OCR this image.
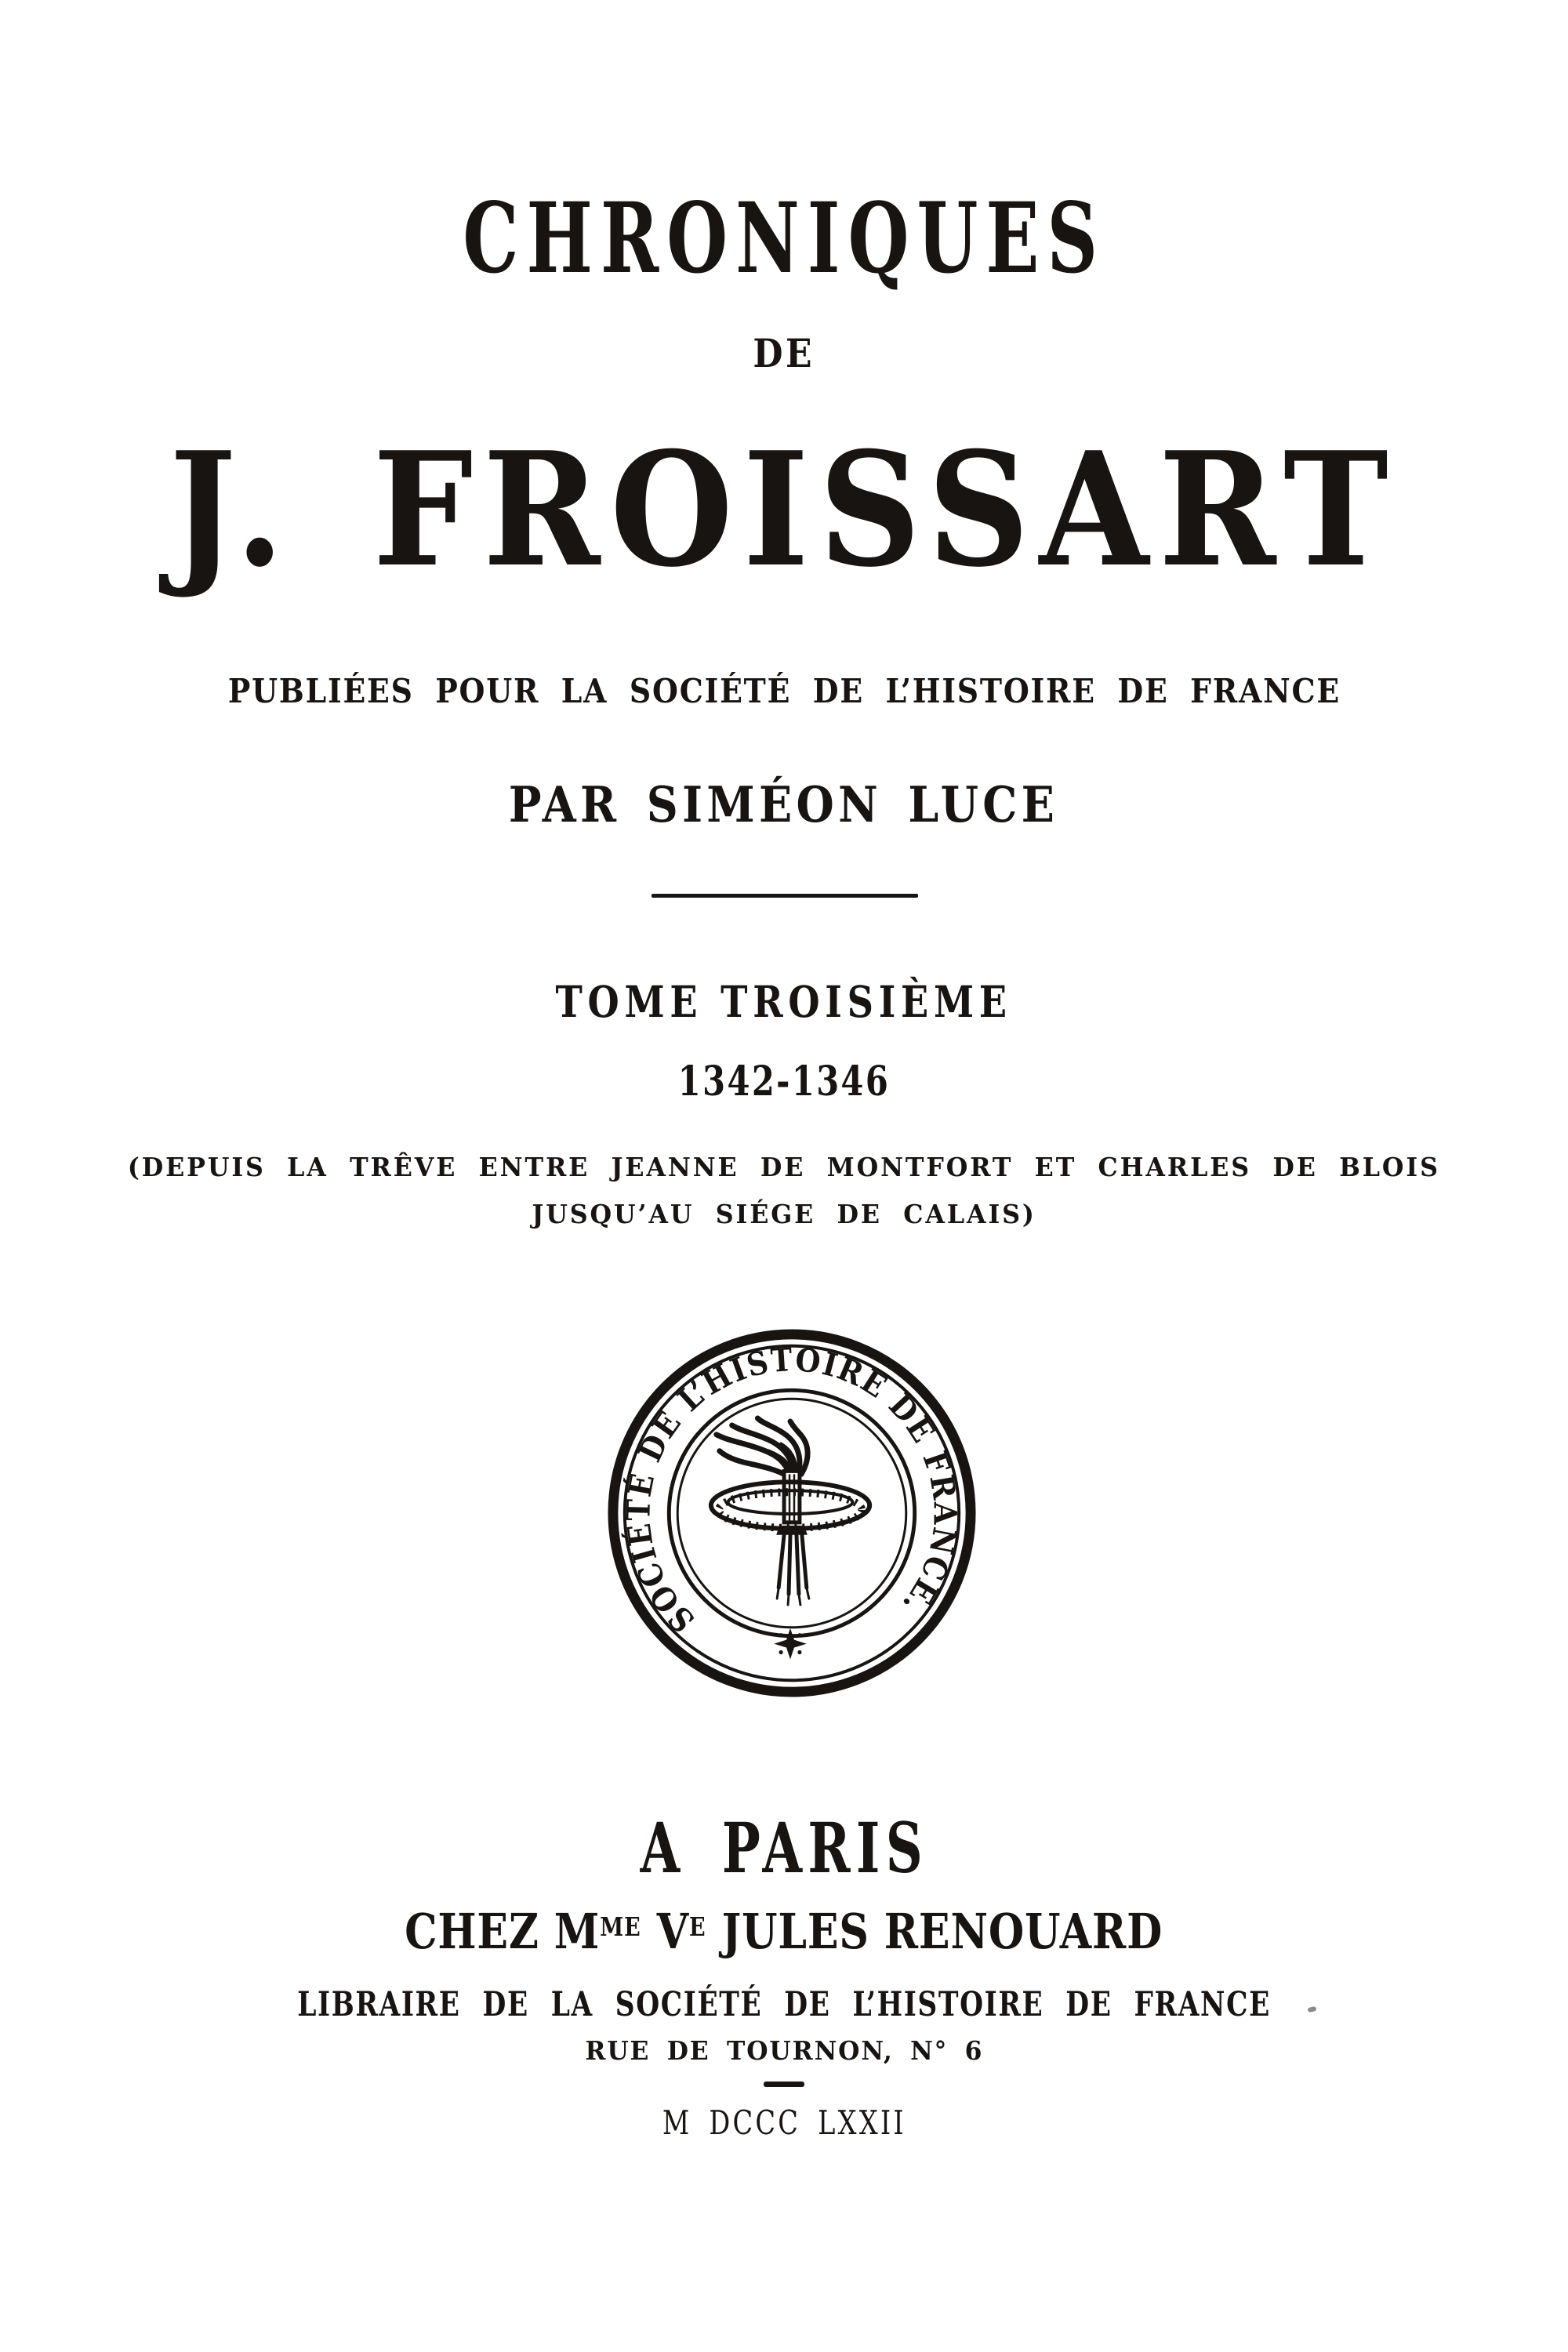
CHRONIQUES
DE
J. FROISSART
PUBLIÉES POUR LA SOCIÉTÉ DE L’HISTOIRE DE FRANCE
PAR SIMÉON LUCE
TOME TROISIÈME
1342-1346
(DEPUIS LA TRÊVE ENTRE JEANNE DE MONTFORT ET CHARLES DE BLOIS
JUSQU’AU SIÉGE DE CALAIS)
SOCIÉTÉ DE L’HISTOIRE DE FRANCE.
A PARIS
CHEZ $M^{ME}$ $V^E$ JULES RENOUARD
LIBRAIRE DE LA SOCIÉTÉ DE L’HISTOIRE DE FRANCE
RUE DE TOURNON, N° 6
M DCCC LXXII
